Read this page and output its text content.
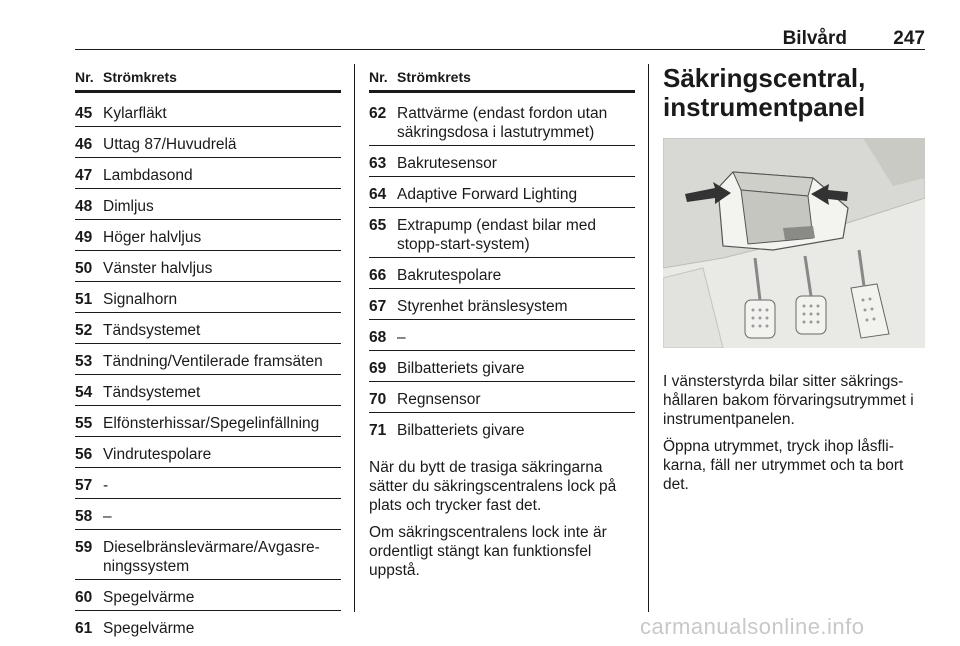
Bilvård 247
Nr. Strömkrets
45 Kylarfläkt
46 Uttag 87/Huvudrelä
47 Lambdasond
48 Dimljus
49 Höger halvljus
50 Vänster halvljus
51 Signalhorn
52 Tändsystemet
53 Tändning/Ventilerade framsäten
54 Tändsystemet
55 Elfönsterhissar/Spegelinfällning
56 Vindrutespolare
57 -
58 –
59 Dieselbränslevärmare/Avgasre-
ningssystem
60 Spegelvärme
61 Spegelvärme
Nr. Strömkrets
62 Rattvärme (endast fordon utan
säkringsdosa i lastutrymmet)
63 Bakrutesensor
64 Adaptive Forward Lighting
65 Extrapump (endast bilar med
stopp-start-system)
66 Bakrutespolare
67 Styrenhet bränslesystem
68 –
69 Bilbatteriets givare
70 Regnsensor
71 Bilbatteriets givare

När du bytt de trasiga säkringarna
sätter du säkringscentralens lock på
plats och trycker fast det.

Om säkringscentralens lock inte är
ordentligt stängt kan funktionsfel
uppstå.

Säkringscentral,
instrumentpanel

I vänsterstyrda bilar sitter säkrings-
hållaren bakom förvaringsutrymmet i
instrumentpanelen.

Öppna utrymmet, tryck ihop låsfli-
karna, fäll ner utrymmet och ta bort
det.

carmanualsonline.info
